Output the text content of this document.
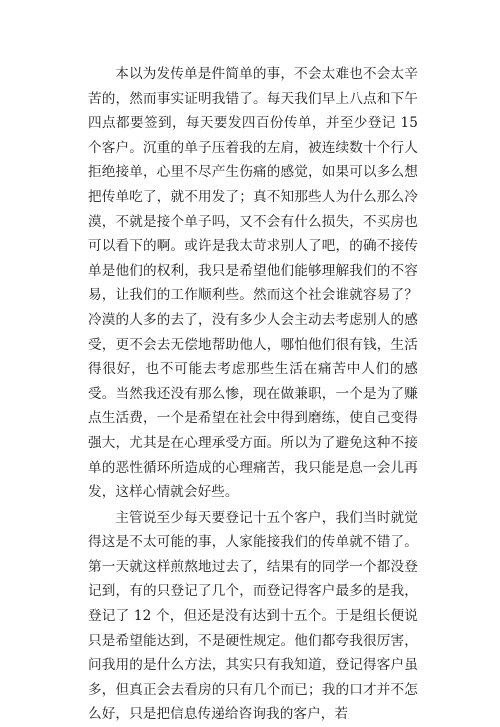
本以为发传单是件简单的事，不会太难也不会太辛苦的，然而事实证明我错了。每天我们早上八点和下午四点都要签到，每天要发四百份传单，并至少登记 15 个客户。沉重的单子压着我的左肩，被连续数十个行人拒绝接单，心里不尽产生伤痛的感觉，如果可以多么想把传单吃了，就不用发了；真不知那些人为什么那么冷漠，不就是接个单子吗，又不会有什么损失，不买房也可以看下的啊。或许是我太苛求别人了吧，的确不接传单是他们的权利，我只是希望他们能够理解我们的不容易，让我们的工作顺利些。然而这个社会谁就容易了？冷漠的人多的去了，没有多少人会主动去考虑别人的感受，更不会去无偿地帮助他人，哪怕他们很有钱，生活得很好，也不可能去考虑那些生活在痛苦中人们的感受。当然我还没有那么惨，现在做兼职，一个是为了赚点生活费，一个是希望在社会中得到磨练，使自己变得强大，尤其是在心理承受方面。所以为了避免这种不接单的恶性循环所造成的心理痛苦，我只能是息一会儿再发，这样心情就会好些。

主管说至少每天要登记十五个客户，我们当时就觉得这是不太可能的事，人家能接我们的传单就不错了。第一天就这样煎熬地过去了，结果有的同学一个都没登记到，有的只登记了几个，而登记得客户最多的是我，登记了 12 个，但还是没有达到十五个。于是组长便说只是希望能达到，不是硬性规定。他们都夸我很厉害，问我用的是什么方法，其实只有我知道，登记得客户虽多，但真正会去看房的只有几个而已；我的口才并不怎么好，只是把信息传递给咨询我的客户，若
